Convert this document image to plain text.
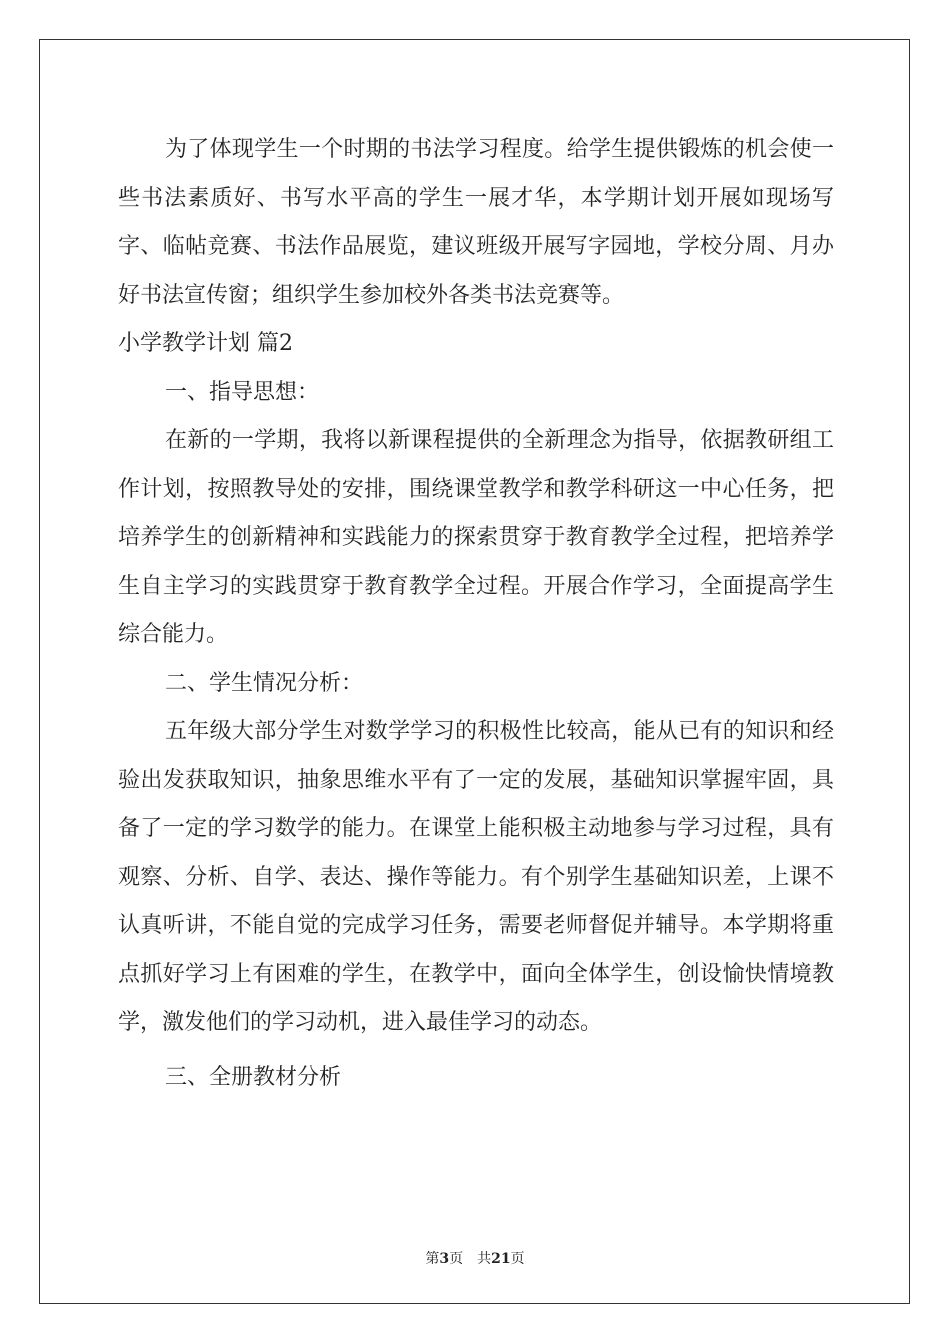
为了体现学生一个时期的书法学习程度。给学生提供锻炼的机会使一些书法素质好、书写水平高的学生一展才华，本学期计划开展如现场写字、临帖竞赛、书法作品展览，建议班级开展写字园地，学校分周、月办好书法宣传窗；组织学生参加校外各类书法竞赛等。

小学教学计划 篇2

一、指导思想：

在新的一学期，我将以新课程提供的全新理念为指导，依据教研组工作计划，按照教导处的安排，围绕课堂教学和教学科研这一中心任务，把培养学生的创新精神和实践能力的探索贯穿于教育教学全过程，把培养学生自主学习的实践贯穿于教育教学全过程。开展合作学习，全面提高学生综合能力。

二、学生情况分析：

五年级大部分学生对数学学习的积极性比较高，能从已有的知识和经验出发获取知识，抽象思维水平有了一定的发展，基础知识掌握牢固，具备了一定的学习数学的能力。在课堂上能积极主动地参与学习过程，具有观察、分析、自学、表达、操作等能力。有个别学生基础知识差，上课不认真听讲，不能自觉的完成学习任务，需要老师督促并辅导。本学期将重点抓好学习上有困难的学生，在教学中，面向全体学生，创设愉快情境教学，激发他们的学习动机，进入最佳学习的动态。

三、全册教材分析

第3页 共21页
